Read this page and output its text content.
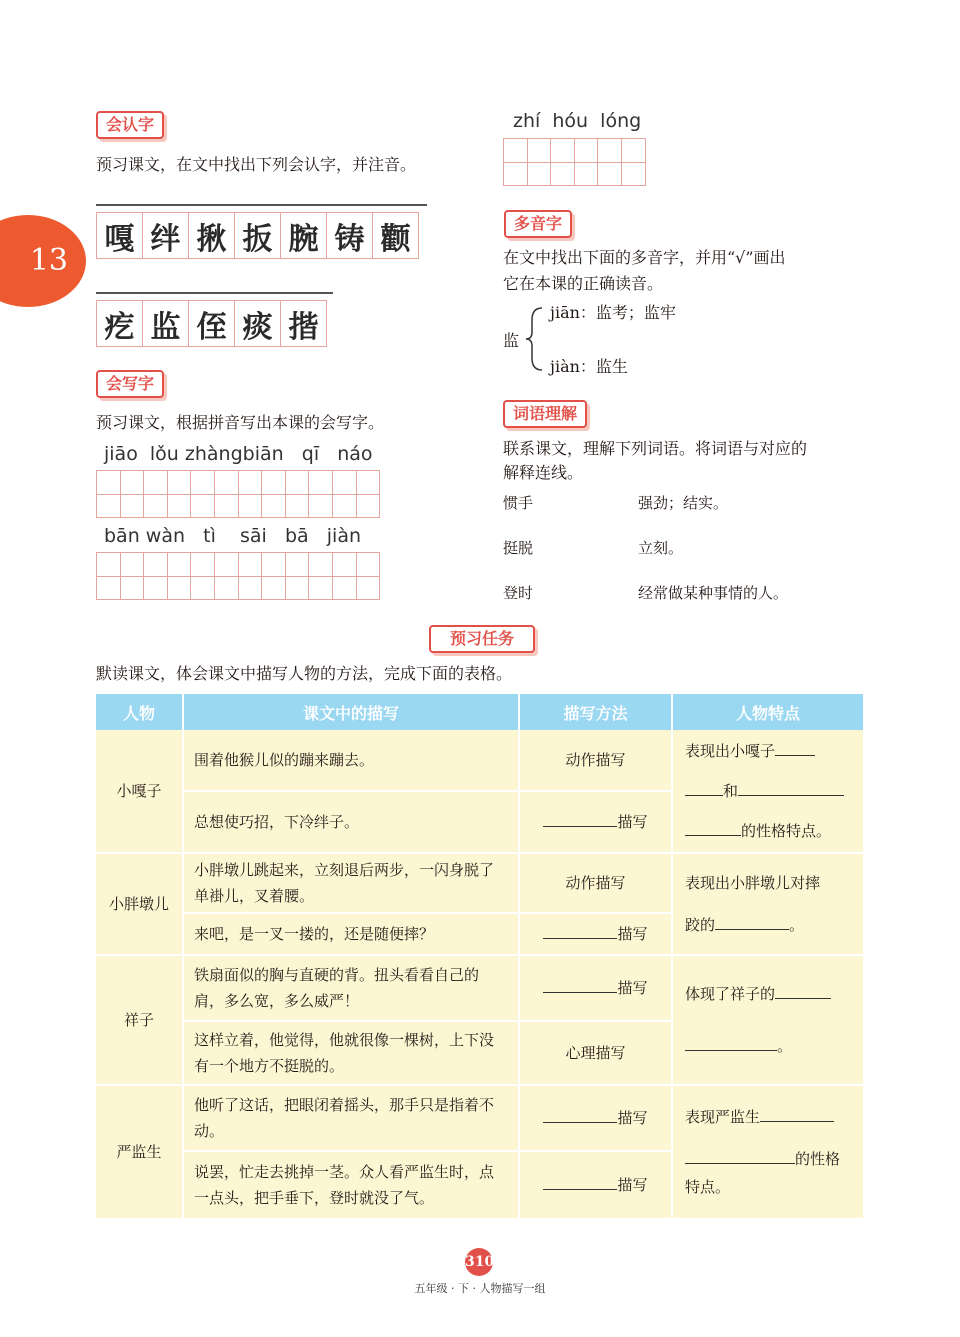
13
会认字
预习课文，在文中找出下列会认字，并注音。
嘎 绊 揪 扳 腕 铸 颧
疙 监 侄 痰 揩
会写字
预习课文，根据拼音写出本课的会写字。
jiāo  lǒu zhàngbiān   qī   náo
bān wàn   tì    sāi   bā   jiàn
zhí  hóu  lóng
多音字
在文中找出下面的多音字，并用“√”画出
它在本课的正确读音。
监
jiān：监考；监牢
jiàn：监生
词语理解
联系课文，理解下列词语。将词语与对应的
解释连线。
惯手	强劲；结实。
挺脱	立刻。
登时	经常做某种事情的人。
预习任务
默读课文，体会课文中描写人物的方法，完成下面的表格。
人物	课文中的描写	描写方法	人物特点
小嘎子	围着他猴儿似的蹦来蹦去。	动作描写	表现出小嘎子
和
的性格特点。

	总想使巧招，下冷绊子。	描写	
小胖墩儿	小胖墩儿跳起来，立刻退后两步，一闪身脱了单褂儿，叉着腰。	动作描写	表现出小胖墩儿对摔
跤的 。

	来吧，是一叉一搂的，还是随便摔？	描写	
祥子	铁扇面似的胸与直硬的背。扭头看看自己的肩，多么宽，多么威严！	描写	体现了祥子的
。

	这样立着，他觉得，他就很像一棵树，上下没有一个地方不挺脱的。	心理描写	
严监生	他听了这话，把眼闭着摇头，那手只是指着不动。	描写	表现严监生
的性格
特点。

	说罢，忙走去挑掉一茎。众人看严监生时，点一点头，把手垂下，登时就没了气。	描写	
310
五年级 · 下 · 人物描写一组
